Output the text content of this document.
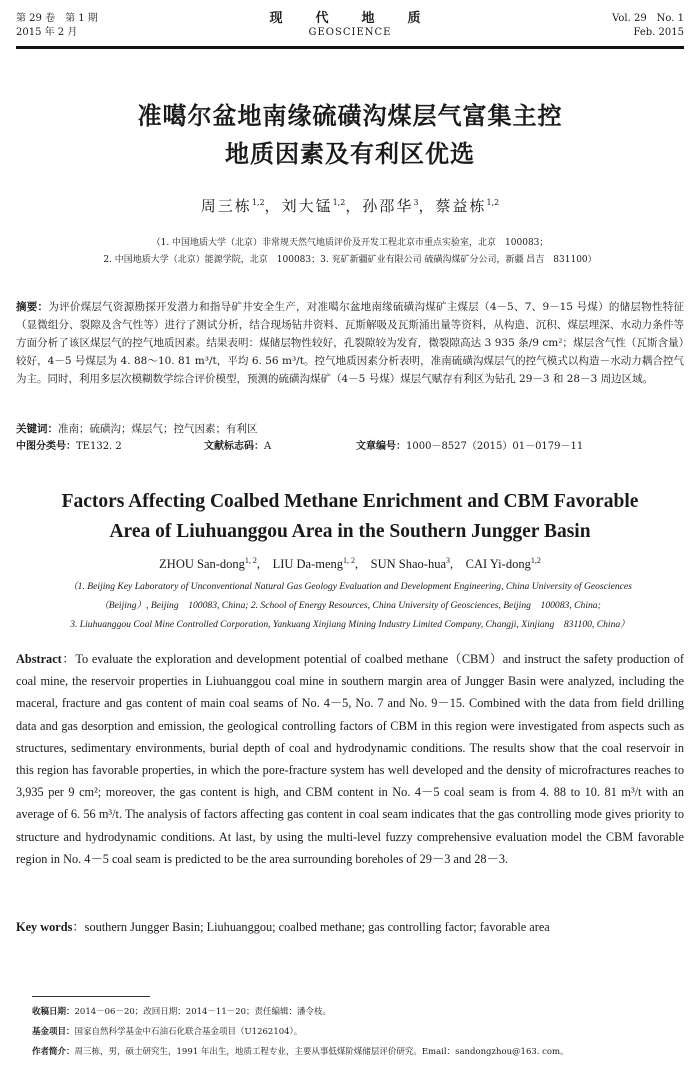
第 29 卷　第 1 期
2015 年 2 月
现　代　地　质
GEOSCIENCE
Vol. 29　No. 1
Feb. 2015
准噶尔盆地南缘硫磺沟煤层气富集主控
地质因素及有利区优选
周三栋$^{1,2}$，刘大锰$^{1,2}$，孙邵华$^3$，蔡益栋$^{1,2}$
（1. 中国地质大学（北京）非常规天然气地质评价及开发工程北京市重点实验室，北京　100083；
2. 中国地质大学（北京）能源学院，北京　100083；3. 兖矿新疆矿业有限公司 硫磺沟煤矿分公司，新疆 昌吉　831100）
摘要：为评价煤层气资源勘探开发潜力和指导矿井安全生产，对准噶尔盆地南缘硫磺沟煤矿主煤层（4－5、7、9－15 号煤）的储层物性特征（显微组分、裂隙及含气性等）进行了测试分析，结合现场钻井资料、瓦斯解吸及瓦斯涌出量等资料，从构造、沉积、煤层埋深、水动力条件等方面分析了该区煤层气的控气地质因素。结果表明：煤储层物性较好，孔裂隙较为发育，微裂隙高达 3 935 条/9 cm²；煤层含气性（瓦斯含量）较好，4－5 号煤层为 4. 88～10. 81 m³/t，平均 6. 56 m³/t。控气地质因素分析表明，准南硫磺沟煤层气的控气模式以构造－水动力耦合控气为主。同时，利用多层次模糊数学综合评价模型，预测的硫磺沟煤矿（4－5 号煤）煤层气赋存有利区为钻孔 29－3 和 28－3 周边区域。
关键词：准南；硫磺沟；煤层气；控气因素；有利区
中图分类号：TE132. 2	文献标志码：A	文章编号：1000－8527（2015）01－0179－11
Factors Affecting Coalbed Methane Enrichment and CBM Favorable
Area of Liuhuanggou Area in the Southern Jungger Basin
ZHOU San-dong$^{1, 2}$,　LIU Da-meng$^{1, 2}$,　SUN Shao-hua$^3$,　CAI Yi-dong$^{1,2}$
（1. Beijing Key Laboratory of Unconventional Natural Gas Geology Evaluation and Development Engineering, China University of Geosciences
（Beijing）, Beijing　100083, China; 2. School of Energy Resources, China University of Geosciences, Beijing　100083, China;
3. Liuhuanggou Coal Mine Controlled Corporation, Yankuang Xinjiang Mining Industry Limited Company, Changji, Xinjiang　831100, China）
Abstract：To evaluate the exploration and development potential of coalbed methane（CBM）and instruct the safety production of coal mine, the reservoir properties in Liuhuanggou coal mine in southern margin area of Jungger Basin were analyzed, including the maceral, fracture and gas content of main coal seams of No. 4－5, No. 7 and No. 9－15. Combined with the data from field drilling data and gas desorption and emission, the geological controlling factors of CBM in this region were investigated from aspects such as structures, sedimentary environments, burial depth of coal and hydrodynamic conditions. The results show that the coal reservoir in this region has favorable properties, in which the pore-fracture system has well developed and the density of microfractures reaches to 3,935 per 9 cm²; moreover, the gas content is high, and CBM content in No. 4－5 coal seam is from 4. 88 to 10. 81 m³/t with an average of 6. 56 m³/t. The analysis of factors affecting gas content in coal seam indicates that the gas controlling mode gives priority to structure and hydrodynamic conditions. At last, by using the multi-level fuzzy comprehensive evaluation model the CBM favorable region in No. 4－5 coal seam is predicted to be the area surrounding boreholes of 29－3 and 28－3.
Key words：southern Jungger Basin; Liuhuanggou; coalbed methane; gas controlling factor; favorable area
收稿日期：2014－06－20；改回日期：2014－11－20；责任编辑：潘令枝。
基金项目：国家自然科学基金中石油石化联合基金项目（U1262104）。
作者简介：周三栋，男，硕士研究生，1991 年出生，地质工程专业，主要从事低煤阶煤储层评价研究。Email：sandongzhou@163. com。
